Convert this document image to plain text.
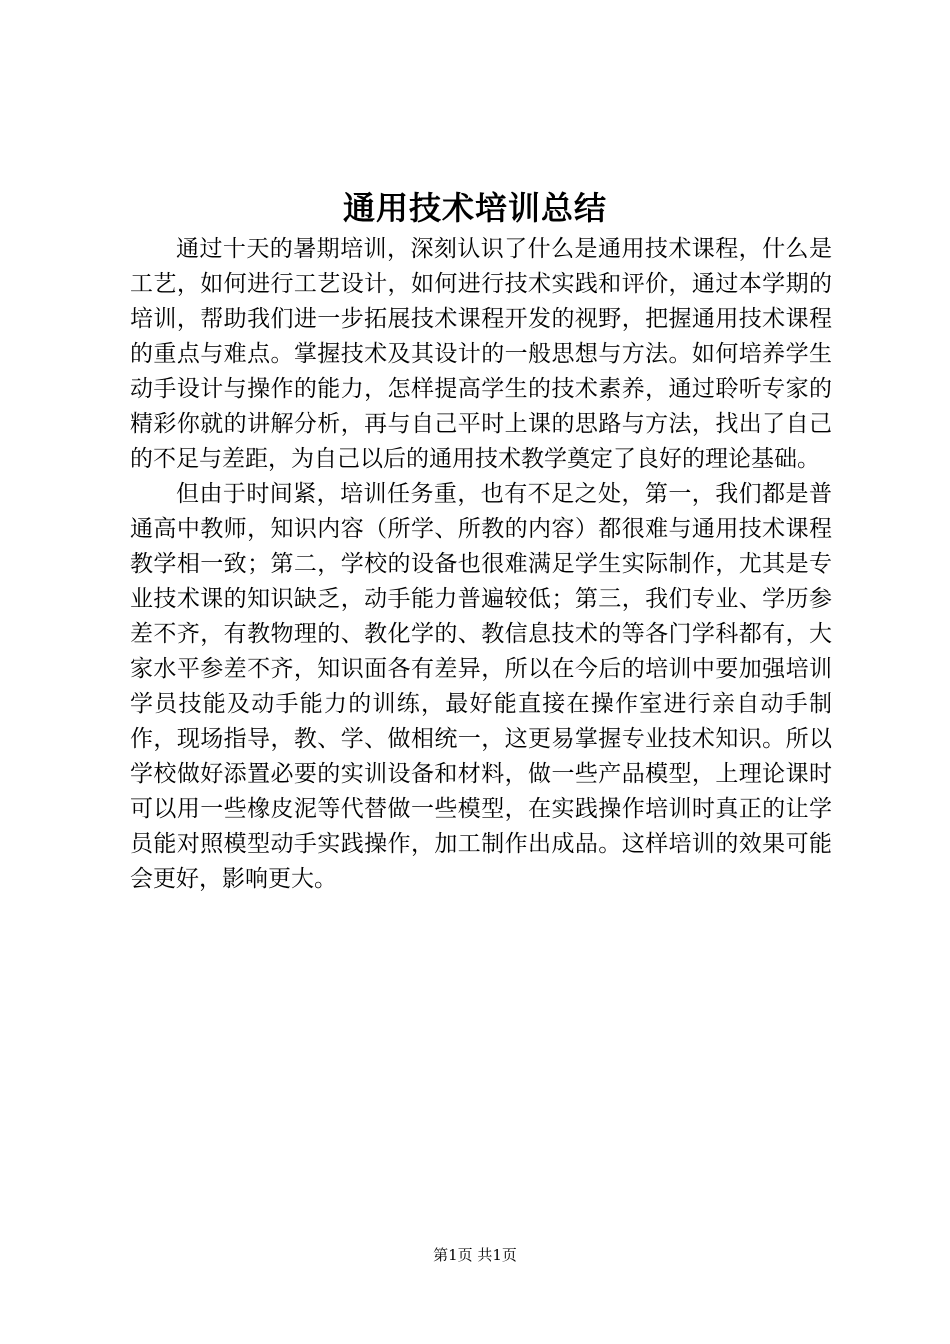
通用技术培训总结

通过十天的暑期培训，深刻认识了什么是通用技术课程，什么是工艺，如何进行工艺设计，如何进行技术实践和评价，通过本学期的培训，帮助我们进一步拓展技术课程开发的视野，把握通用技术课程的重点与难点。掌握技术及其设计的一般思想与方法。如何培养学生动手设计与操作的能力，怎样提高学生的技术素养，通过聆听专家的精彩你就的讲解分析，再与自己平时上课的思路与方法，找出了自己的不足与差距，为自己以后的通用技术教学奠定了良好的理论基础。

但由于时间紧，培训任务重，也有不足之处，第一，我们都是普通高中教师，知识内容（所学、所教的内容）都很难与通用技术课程教学相一致；第二，学校的设备也很难满足学生实际制作，尤其是专业技术课的知识缺乏，动手能力普遍较低；第三，我们专业、学历参差不齐，有教物理的、教化学的、教信息技术的等各门学科都有，大家水平参差不齐，知识面各有差异，所以在今后的培训中要加强培训学员技能及动手能力的训练，最好能直接在操作室进行亲自动手制作，现场指导，教、学、做相统一，这更易掌握专业技术知识。所以学校做好添置必要的实训设备和材料，做一些产品模型，上理论课时可以用一些橡皮泥等代替做一些模型，在实践操作培训时真正的让学员能对照模型动手实践操作，加工制作出成品。这样培训的效果可能会更好，影响更大。

第1页 共1页
